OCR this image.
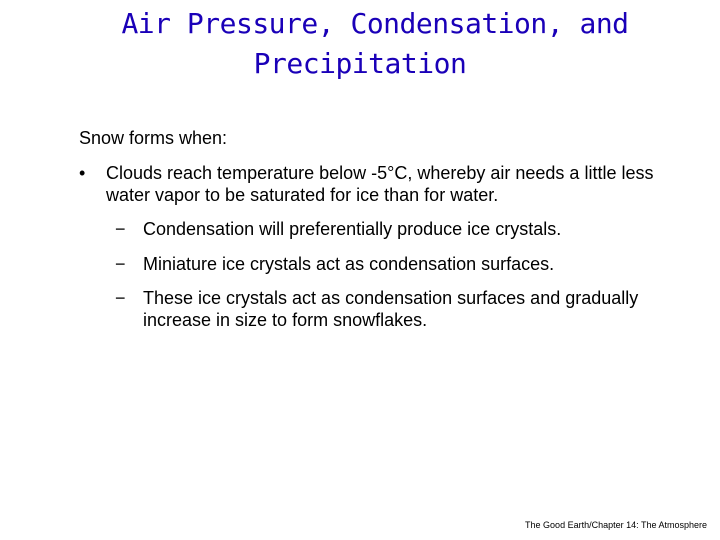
Air Pressure, Condensation, and
Precipitation

Snow forms when:

•	Clouds reach temperature below -5°C, whereby air needs a little less water vapor to be saturated for ice than for water.
− Condensation will preferentially produce ice crystals.
− Miniature ice crystals act as condensation surfaces.
− These ice crystals act as condensation surfaces and gradually increase in size to form snowflakes.
The Good Earth/Chapter 14: The Atmosphere
